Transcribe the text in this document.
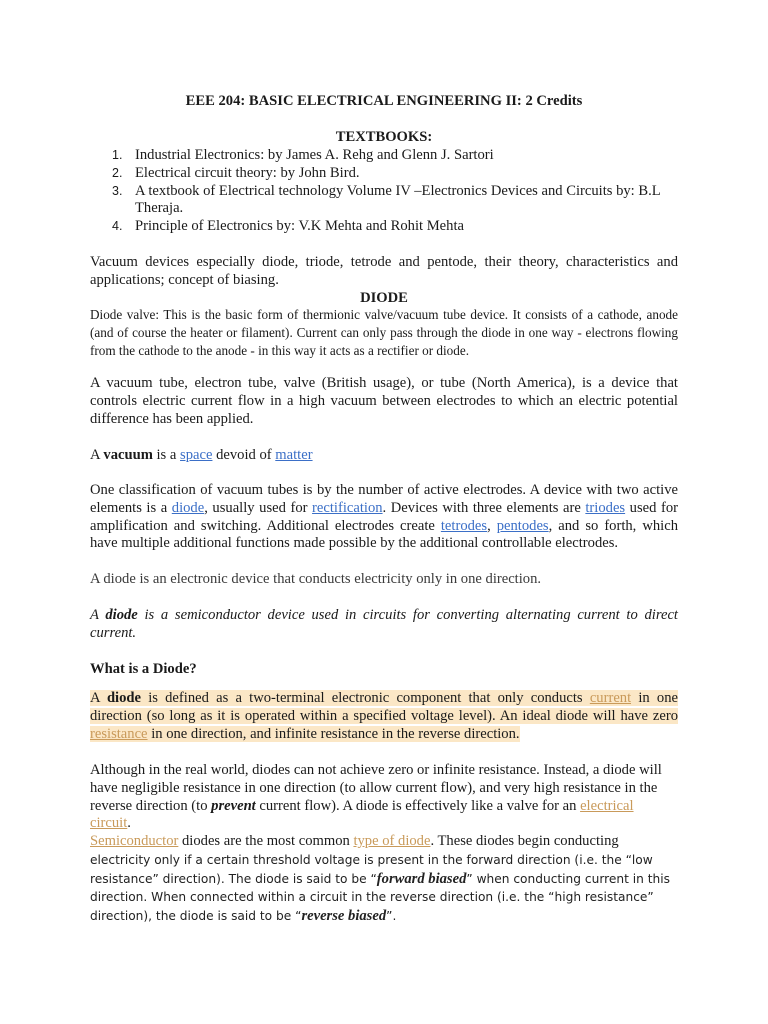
EEE 204: BASIC ELECTRICAL ENGINEERING II: 2 Credits

TEXTBOOKS:

1. Industrial Electronics: by James A. Rehg and Glenn J. Sartori
2. Electrical circuit theory: by John Bird.
3. A textbook of Electrical technology Volume IV –Electronics Devices and Circuits by: B.L Theraja.
4. Principle of Electronics by: V.K Mehta and Rohit Mehta

Vacuum devices especially diode, triode, tetrode and pentode, their theory, characteristics and applications; concept of biasing.

DIODE

Diode valve: This is the basic form of thermionic valve/vacuum tube device. It consists of a cathode, anode (and of course the heater or filament). Current can only pass through the diode in one way - electrons flowing from the cathode to the anode - in this way it acts as a rectifier or diode.

A vacuum tube, electron tube, valve (British usage), or tube (North America), is a device that controls electric current flow in a high vacuum between electrodes to which an electric potential difference has been applied.

A vacuum is a space devoid of matter

One classification of vacuum tubes is by the number of active electrodes. A device with two active elements is a diode, usually used for rectification. Devices with three elements are triodes used for amplification and switching. Additional electrodes create tetrodes, pentodes, and so forth, which have multiple additional functions made possible by the additional controllable electrodes.

A diode is an electronic device that conducts electricity only in one direction.

A diode is a semiconductor device used in circuits for converting alternating current to direct current.

What is a Diode?

A diode is defined as a two-terminal electronic component that only conducts current in one direction (so long as it is operated within a specified voltage level). An ideal diode will have zero resistance in one direction, and infinite resistance in the reverse direction.

Although in the real world, diodes can not achieve zero or infinite resistance. Instead, a diode will have negligible resistance in one direction (to allow current flow), and very high resistance in the reverse direction (to prevent current flow). A diode is effectively like a valve for an electrical circuit.

Semiconductor diodes are the most common type of diode. These diodes begin conducting
electricity only if a certain threshold voltage is present in the forward direction (i.e. the “low resistance” direction). The diode is said to be “forward biased” when conducting current in this direction. When connected within a circuit in the reverse direction (i.e. the “high resistance” direction), the diode is said to be “reverse biased”.
